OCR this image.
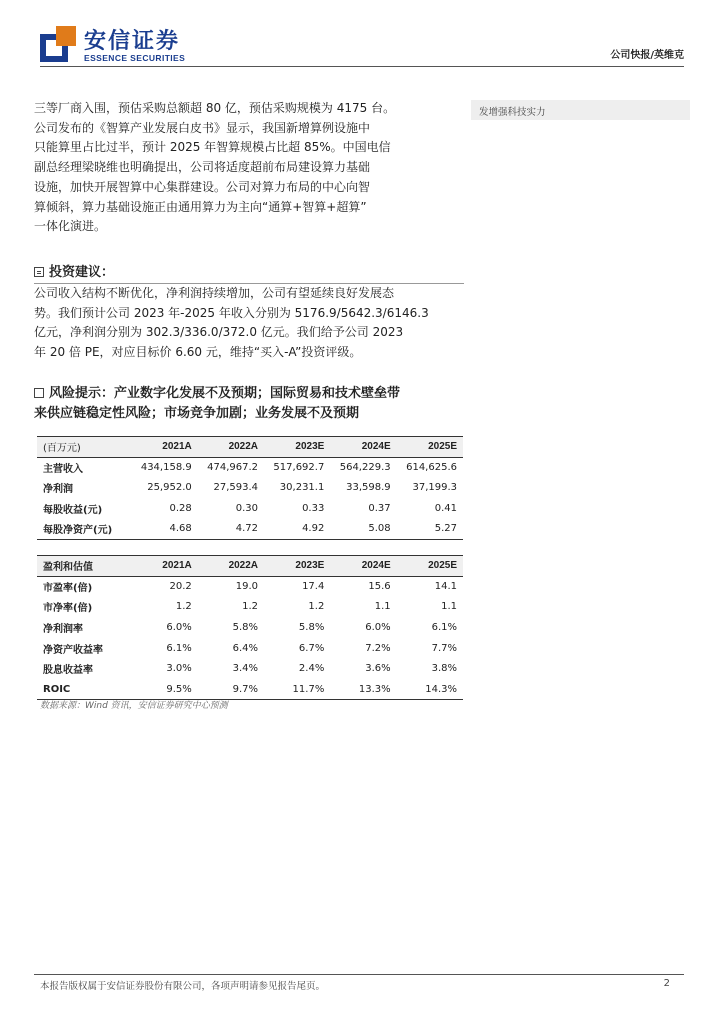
安信证券
ESSENCE SECURITIES	公司快报/英维克
发增强科技实力
三等厂商入围，预估采购总额超 80 亿，预估采购规模为 4175 台。
公司发布的《智算产业发展白皮书》显示，我国新增算例设施中
只能算里占比过半，预计 2025 年智算规模占比超 85%。中国电信
副总经理梁晓维也明确提出，公司将适度超前布局建设算力基础
设施，加快开展智算中心集群建设。公司对算力布局的中心向智
算倾斜，算力基础设施正由通用算力为主向“通算+智算+超算”
一体化演进。
投资建议：
公司收入结构不断优化，净利润持续增加，公司有望延续良好发展态
势。我们预计公司 2023 年-2025 年收入分别为 5176.9/5642.3/6146.3
亿元，净利润分别为 302.3/336.0/372.0 亿元。我们给予公司 2023
年 20 倍 PE，对应目标价 6.60 元，维持“买入-A”投资评级。
风险提示：产业数字化发展不及预期；国际贸易和技术壁垒带
来供应链稳定性风险；市场竞争加剧；业务发展不及预期
(百万元)	2021A	2022A	2023E	2024E	2025E
主营收入	434,158.9	474,967.2	517,692.7	564,229.3	614,625.6
净利润	25,952.0	27,593.4	30,231.1	33,598.9	37,199.3
每股收益(元)	0.28	0.30	0.33	0.37	0.41
每股净资产(元)	4.68	4.72	4.92	5.08	5.27
盈利和估值	2021A	2022A	2023E	2024E	2025E
市盈率(倍)	20.2	19.0	17.4	15.6	14.1
市净率(倍)	1.2	1.2	1.2	1.1	1.1
净利润率	6.0%	5.8%	5.8%	6.0%	6.1%
净资产收益率	6.1%	6.4%	6.7%	7.2%	7.7%
股息收益率	3.0%	3.4%	2.4%	3.6%	3.8%
ROIC	9.5%	9.7%	11.7%	13.3%	14.3%
数据来源：Wind 资讯，安信证券研究中心预测
本报告版权属于安信证券股份有限公司，各项声明请参见报告尾页。	2
